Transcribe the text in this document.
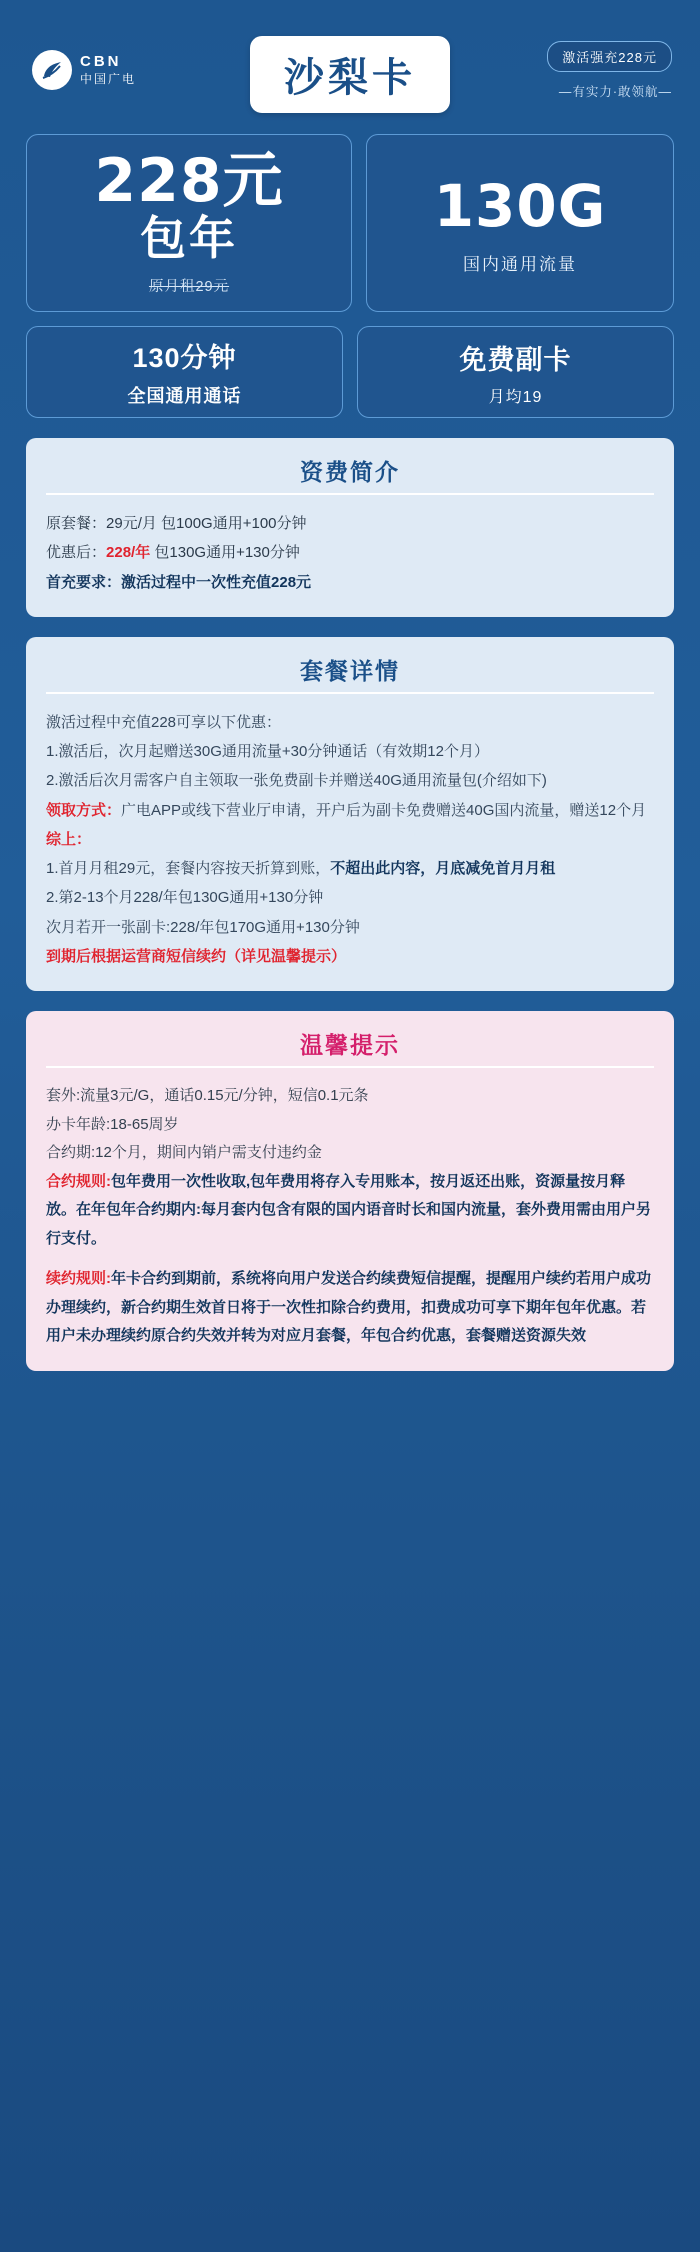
CBN
中国广电	沙梨卡	激活强充228元
—有实力·敢领航—
228元
包年
原月租29元
130G
国内通用流量
130分钟
全国通用通话
免费副卡
月均19
资费简介

原套餐：29元/月 包100G通用+100分钟

优惠后：228/年 包130G通用+130分钟

首充要求：激活过程中一次性充值228元

套餐详情

激活过程中充值228可享以下优惠：

1.激活后，次月起赠送30G通用流量+30分钟通话（有效期12个月）

2.激活后次月需客户自主领取一张免费副卡并赠送40G通用流量包(介绍如下)

领取方式：广电APP或线下营业厅申请，开户后为副卡免费赠送40G国内流量，赠送12个月

综上：

1.首月月租29元，套餐内容按天折算到账，不超出此内容，月底减免首月月租

2.第2-13个月228/年包130G通用+130分钟

次月若开一张副卡:228/年包170G通用+130分钟

到期后根据运营商短信续约（详见温馨提示）

温馨提示

套外:流量3元/G，通话0.15元/分钟，短信0.1元条

办卡年龄:18-65周岁

合约期:12个月，期间内销户需支付违约金

合约规则:包年费用一次性收取,包年费用将存入专用账本，按月返还出账，资源量按月释放。在年包年合约期内:每月套内包含有限的国内语音时长和国内流量，套外费用需由用户另行支付。

续约规则:年卡合约到期前，系统将向用户发送合约续费短信提醒，提醒用户续约若用户成功办理续约，新合约期生效首日将于一次性扣除合约费用，扣费成功可享下期年包年优惠。若用户未办理续约原合约失效并转为对应月套餐，年包合约优惠，套餐赠送资源失效
